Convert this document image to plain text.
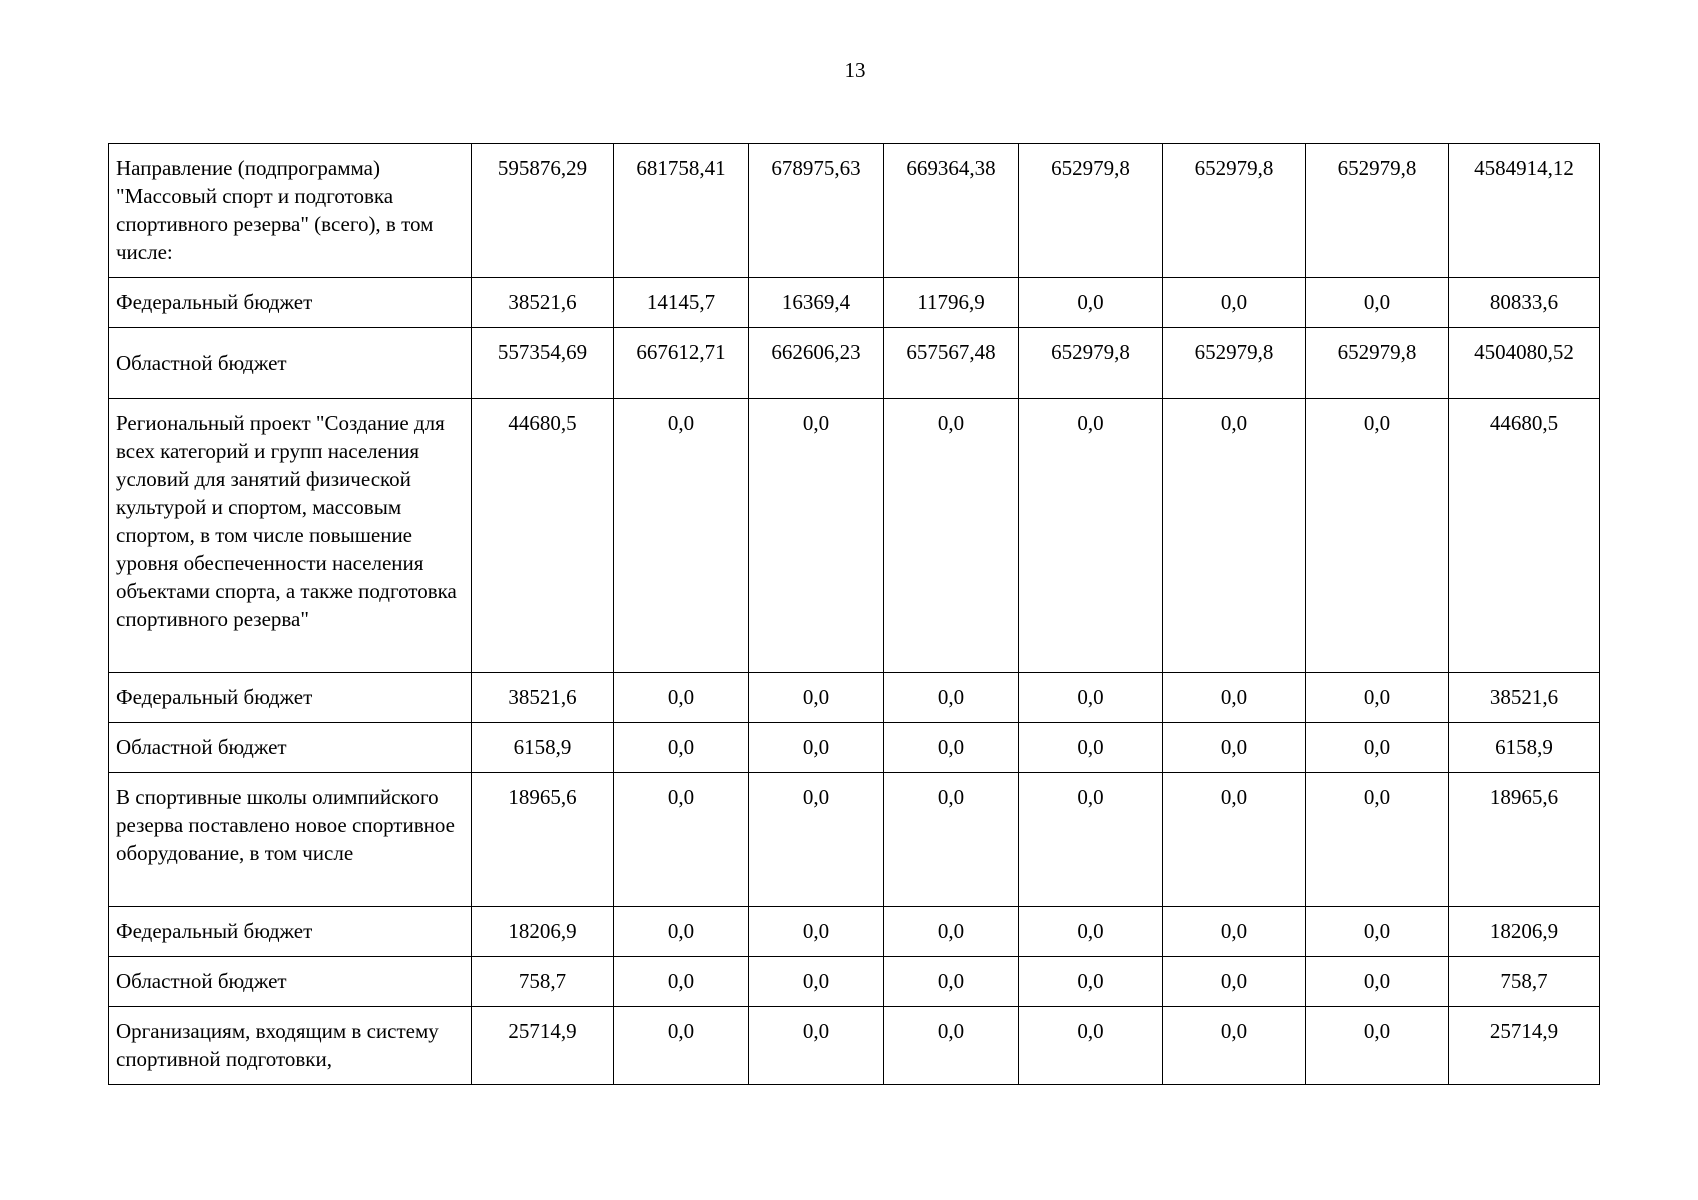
13
Направление (подпрограмма) "Массовый спорт и подготовка спортивного резерва" (всего), в том числе:	595876,29	681758,41	678975,63	669364,38	652979,8	652979,8	652979,8	4584914,12
Федеральный бюджет	38521,6	14145,7	16369,4	11796,9	0,0	0,0	0,0	80833,6
Областной бюджет	557354,69	667612,71	662606,23	657567,48	652979,8	652979,8	652979,8	4504080,52
Региональный проект "Создание для всех категорий и групп населения условий для занятий физической культурой и спортом, массовым спортом, в том числе повышение уровня обеспеченности населения объектами спорта, а также подготовка спортивного резерва"	44680,5	0,0	0,0	0,0	0,0	0,0	0,0	44680,5
Федеральный бюджет	38521,6	0,0	0,0	0,0	0,0	0,0	0,0	38521,6
Областной бюджет	6158,9	0,0	0,0	0,0	0,0	0,0	0,0	6158,9
В спортивные школы олимпийского резерва поставлено новое спортивное оборудование, в том числе	18965,6	0,0	0,0	0,0	0,0	0,0	0,0	18965,6
Федеральный бюджет	18206,9	0,0	0,0	0,0	0,0	0,0	0,0	18206,9
Областной бюджет	758,7	0,0	0,0	0,0	0,0	0,0	0,0	758,7
Организациям, входящим в систему спортивной подготовки,	25714,9	0,0	0,0	0,0	0,0	0,0	0,0	25714,9
